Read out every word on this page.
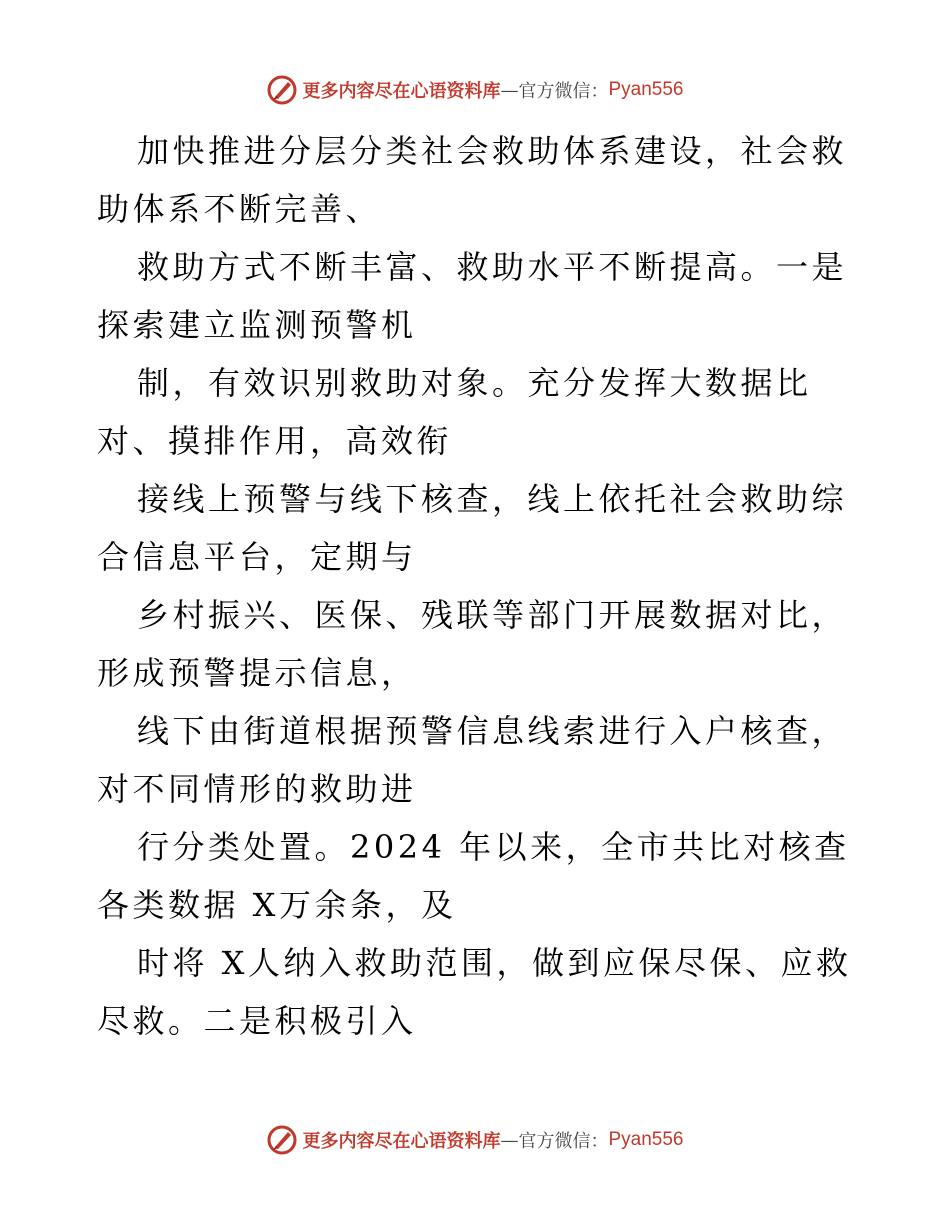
更多内容尽在心语资料库 — 官方微信： Pyan556

加快推进分层分类社会救助体系建设，社会救助体系不断完善、

救助方式不断丰富、救助水平不断提高。一是探索建立监测预警机

制，有效识别救助对象。充分发挥大数据比对、摸排作用，高效衔

接线上预警与线下核查，线上依托社会救助综合信息平台，定期与

乡村振兴、医保、残联等部门开展数据对比，形成预警提示信息，

线下由街道根据预警信息线索进行入户核查，对不同情形的救助进

行分类处置。2024 年以来，全市共比对核查各类数据 X万余条，及

时将 X人纳入救助范围，做到应保尽保、应救尽救。二是积极引入

更多内容尽在心语资料库 — 官方微信： Pyan556
